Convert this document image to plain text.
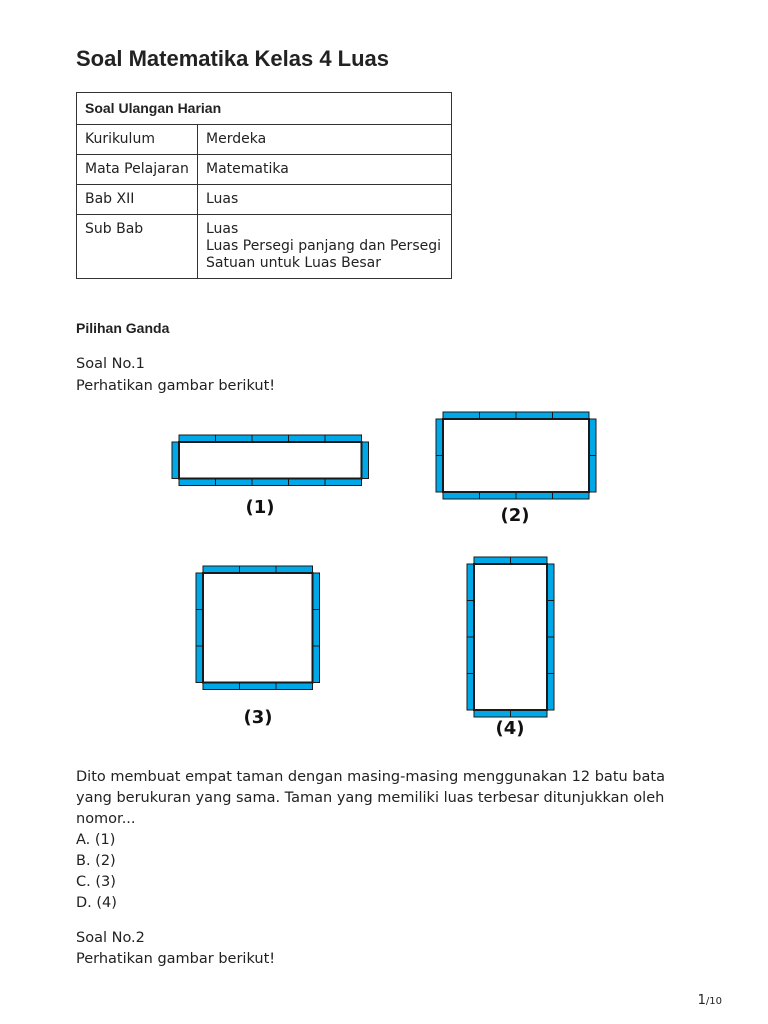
Soal Matematika Kelas 4 Luas
Soal Ulangan Harian	
Kurikulum	Merdeka
Mata Pelajaran	Matematika
Bab XII	Luas
Sub Bab	Luas
Luas Persegi panjang dan Persegi Satuan untuk Luas Besar
Pilihan Ganda
Soal No.1
Perhatikan gambar berikut!
(1)	(2)
(3)
(4)
Dito membuat empat taman dengan masing-masing menggunakan 12 batu bata yang berukuran yang sama. Taman yang memiliki luas terbesar ditunjukkan oleh nomor...
A. (1)
B. (2)
C. (3)
D. (4)
Soal No.2
Perhatikan gambar berikut!
1/10
